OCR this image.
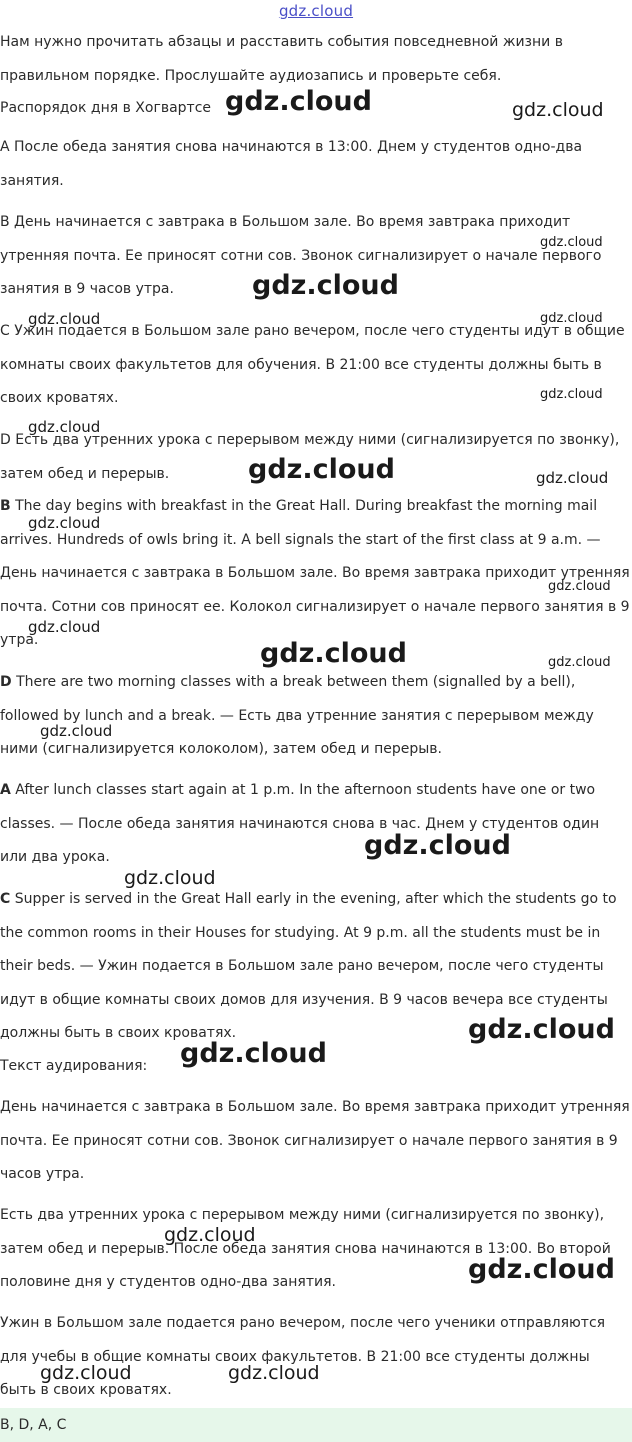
gdz.cloud
Нам нужно прочитать абзацы и расставить события повседневной жизни в правильном порядке. Прослушайте аудиозапись и проверьте себя.
Распорядок дня в Хогвартсе
A После обеда занятия снова начинаются в 13:00. Днем у студентов одно-два занятия.
B День начинается с завтрака в Большом зале. Во время завтрака приходит утренняя почта. Ее приносят сотни сов. Звонок сигнализирует о начале первого занятия в 9 часов утра.
C Ужин подается в Большом зале рано вечером, после чего студенты идут в общие комнаты своих факультетов для обучения. В 21:00 все студенты должны быть в своих кроватях.
D Есть два утренних урока с перерывом между ними (сигнализируется по звонку), затем обед и перерыв.
B The day begins with breakfast in the Great Hall. During breakfast the morning mail arrives. Hundreds of owls bring it. A bell signals the start of the first class at 9 a.m. — День начинается с завтрака в Большом зале. Во время завтрака приходит утренняя почта. Сотни сов приносят ее. Колокол сигнализирует о начале первого занятия в 9 утра.
D There are two morning classes with a break between them (signalled by a bell), followed by lunch and a break. — Есть два утренние занятия с перерывом между ними (сигнализируется колоколом), затем обед и перерыв.
A After lunch classes start again at 1 p.m. In the afternoon students have one or two classes. — После обеда занятия начинаются снова в час. Днем у студентов один или два урока.
C Supper is served in the Great Hall early in the evening, after which the students go to the common rooms in their Houses for studying. At 9 p.m. all the students must be in their beds. — Ужин подается в Большом зале рано вечером, после чего студенты идут в общие комнаты своих домов для изучения. В 9 часов вечера все студенты должны быть в своих кроватях.
Текст аудирования:
День начинается с завтрака в Большом зале. Во время завтрака приходит утренняя почта. Ее приносят сотни сов. Звонок сигнализирует о начале первого занятия в 9 часов утра.
Есть два утренних урока с перерывом между ними (сигнализируется по звонку), затем обед и перерыв. После обеда занятия снова начинаются в 13:00. Во второй половине дня у студентов одно-два занятия.
Ужин в Большом зале подается рано вечером, после чего ученики отправляются для учебы в общие комнаты своих факультетов. В 21:00 все студенты должны быть в своих кроватях.
B, D, A, C
gdz.cloud	gdz.cloud
gdz.cloud
gdz.cloud
gdz.cloud	gdz.cloud
gdz.cloud
gdz.cloud
gdz.cloud	gdz.cloud
gdz.cloud
gdz.cloud
gdz.cloud
gdz.cloud	gdz.cloud
gdz.cloud
gdz.cloud
gdz.cloud
gdz.cloud
gdz.cloud
gdz.cloud
gdz.cloud
gdz.cloud	gdz.cloud
